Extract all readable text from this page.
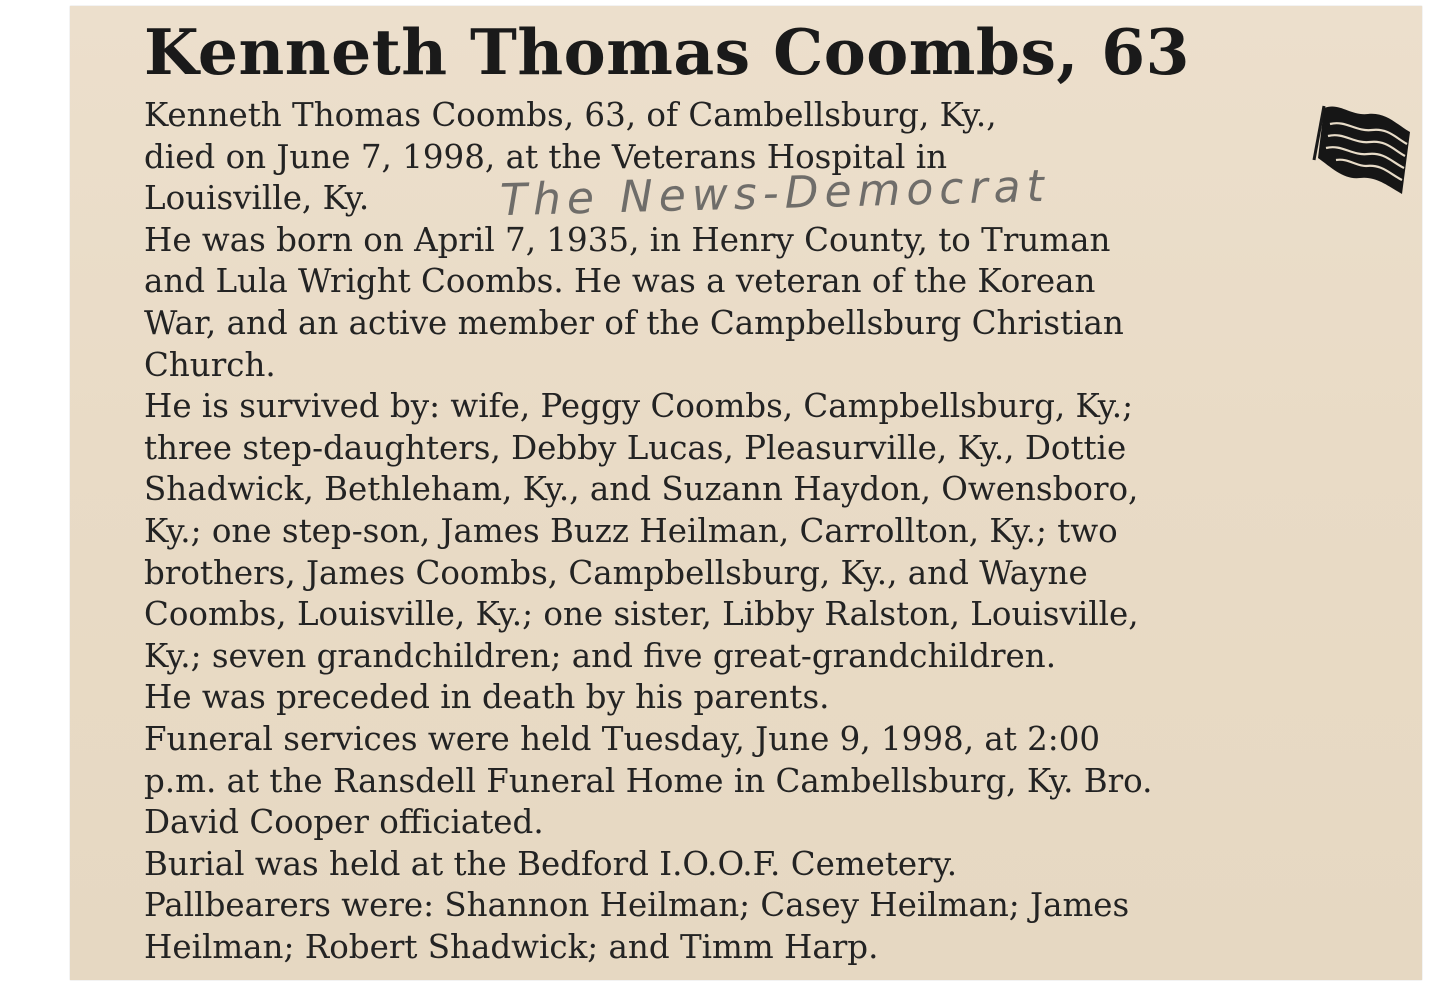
Kenneth Thomas Coombs, 63
The News-Democrat
Kenneth Thomas Coombs, 63, of Cambellsburg, Ky.,
died on June 7, 1998, at the Veterans Hospital in
Louisville, Ky.
He was born on April 7, 1935, in Henry County, to Truman
and Lula Wright Coombs. He was a veteran of the Korean
War, and an active member of the Campbellsburg Christian
Church.
He is survived by: wife, Peggy Coombs, Campbellsburg, Ky.;
three step-daughters, Debby Lucas, Pleasurville, Ky., Dottie
Shadwick, Bethleham, Ky., and Suzann Haydon, Owensboro,
Ky.; one step-son, James Buzz Heilman, Carrollton, Ky.; two
brothers, James Coombs, Campbellsburg, Ky., and Wayne
Coombs, Louisville, Ky.; one sister, Libby Ralston, Louisville,
Ky.; seven grandchildren; and five great-grandchildren.
He was preceded in death by his parents.
Funeral services were held Tuesday, June 9, 1998, at 2:00
p.m. at the Ransdell Funeral Home in Cambellsburg, Ky. Bro.
David Cooper officiated.
Burial was held at the Bedford I.O.O.F. Cemetery.
Pallbearers were: Shannon Heilman; Casey Heilman; James
Heilman; Robert Shadwick; and Timm Harp.
